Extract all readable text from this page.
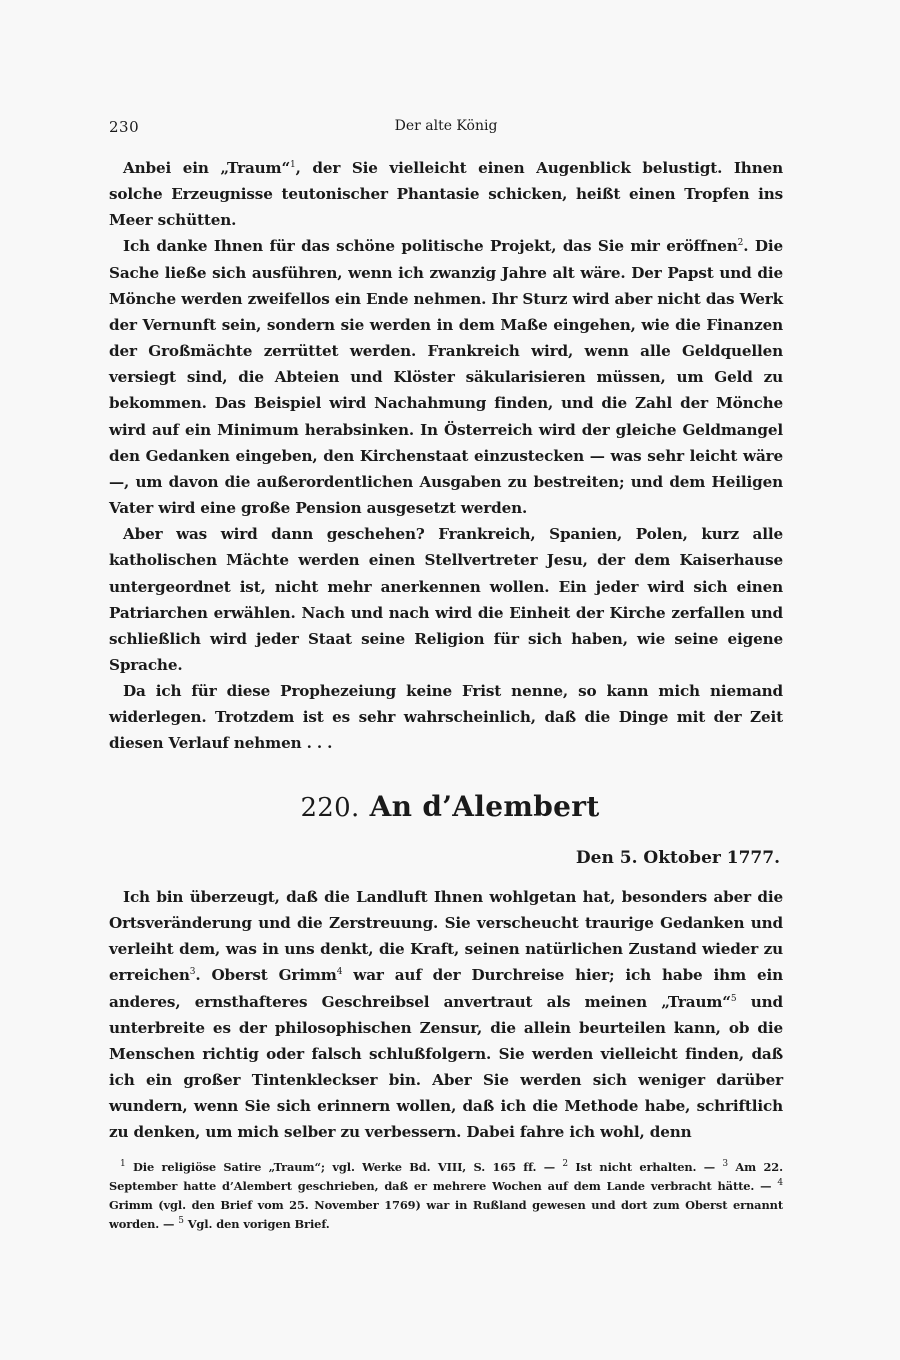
230	Der alte König

Anbei ein „Traum“$^1$, der Sie vielleicht einen Augenblick belustigt. Ihnen solche Erzeugnisse teutonischer Phantasie schicken, heißt einen Tropfen ins Meer schütten.

Ich danke Ihnen für das schöne politische Projekt, das Sie mir eröffnen$^2$. Die Sache ließe sich ausführen, wenn ich zwanzig Jahre alt wäre. Der Papst und die Mönche werden zweifellos ein Ende nehmen. Ihr Sturz wird aber nicht das Werk der Vernunft sein, sondern sie werden in dem Maße eingehen, wie die Finanzen der Großmächte zerrüttet werden. Frankreich wird, wenn alle Geldquellen versiegt sind, die Abteien und Klöster säkularisieren müssen, um Geld zu bekommen. Das Beispiel wird Nachahmung finden, und die Zahl der Mönche wird auf ein Minimum herabsinken. In Österreich wird der gleiche Geldmangel den Gedanken eingeben, den Kirchenstaat einzustecken — was sehr leicht wäre —, um davon die außerordentlichen Ausgaben zu bestreiten; und dem Heiligen Vater wird eine große Pension ausgesetzt werden.

Aber was wird dann geschehen? Frankreich, Spanien, Polen, kurz alle katholischen Mächte werden einen Stellvertreter Jesu, der dem Kaiserhause untergeordnet ist, nicht mehr anerkennen wollen. Ein jeder wird sich einen Patriarchen erwählen. Nach und nach wird die Einheit der Kirche zerfallen und schließlich wird jeder Staat seine Religion für sich haben, wie seine eigene Sprache.

Da ich für diese Prophezeiung keine Frist nenne, so kann mich niemand widerlegen. Trotzdem ist es sehr wahrscheinlich, daß die Dinge mit der Zeit diesen Verlauf nehmen . . .

220. An d’Alembert
Den 5. Oktober 1777.

Ich bin überzeugt, daß die Landluft Ihnen wohlgetan hat, besonders aber die Ortsveränderung und die Zerstreuung. Sie verscheucht traurige Gedanken und verleiht dem, was in uns denkt, die Kraft, seinen natürlichen Zustand wieder zu erreichen$^3$. Oberst Grimm$^4$ war auf der Durchreise hier; ich habe ihm ein anderes, ernsthafteres Geschreibsel anvertraut als meinen „Traum“$^5$ und unterbreite es der philosophischen Zensur, die allein beurteilen kann, ob die Menschen richtig oder falsch schlußfolgern. Sie werden vielleicht finden, daß ich ein großer Tintenkleckser bin. Aber Sie werden sich weniger darüber wundern, wenn Sie sich erinnern wollen, daß ich die Methode habe, schriftlich zu denken, um mich selber zu verbessern. Dabei fahre ich wohl, denn

$^1$ Die religiöse Satire „Traum“; vgl. Werke Bd. VIII, S. 165 ff. — $^2$ Ist nicht erhalten. — $^3$ Am 22. September hatte d’Alembert geschrieben, daß er mehrere Wochen auf dem Lande verbracht hätte. — $^4$ Grimm (vgl. den Brief vom 25. November 1769) war in Rußland gewesen und dort zum Oberst ernannt worden. — $^5$ Vgl. den vorigen Brief.
